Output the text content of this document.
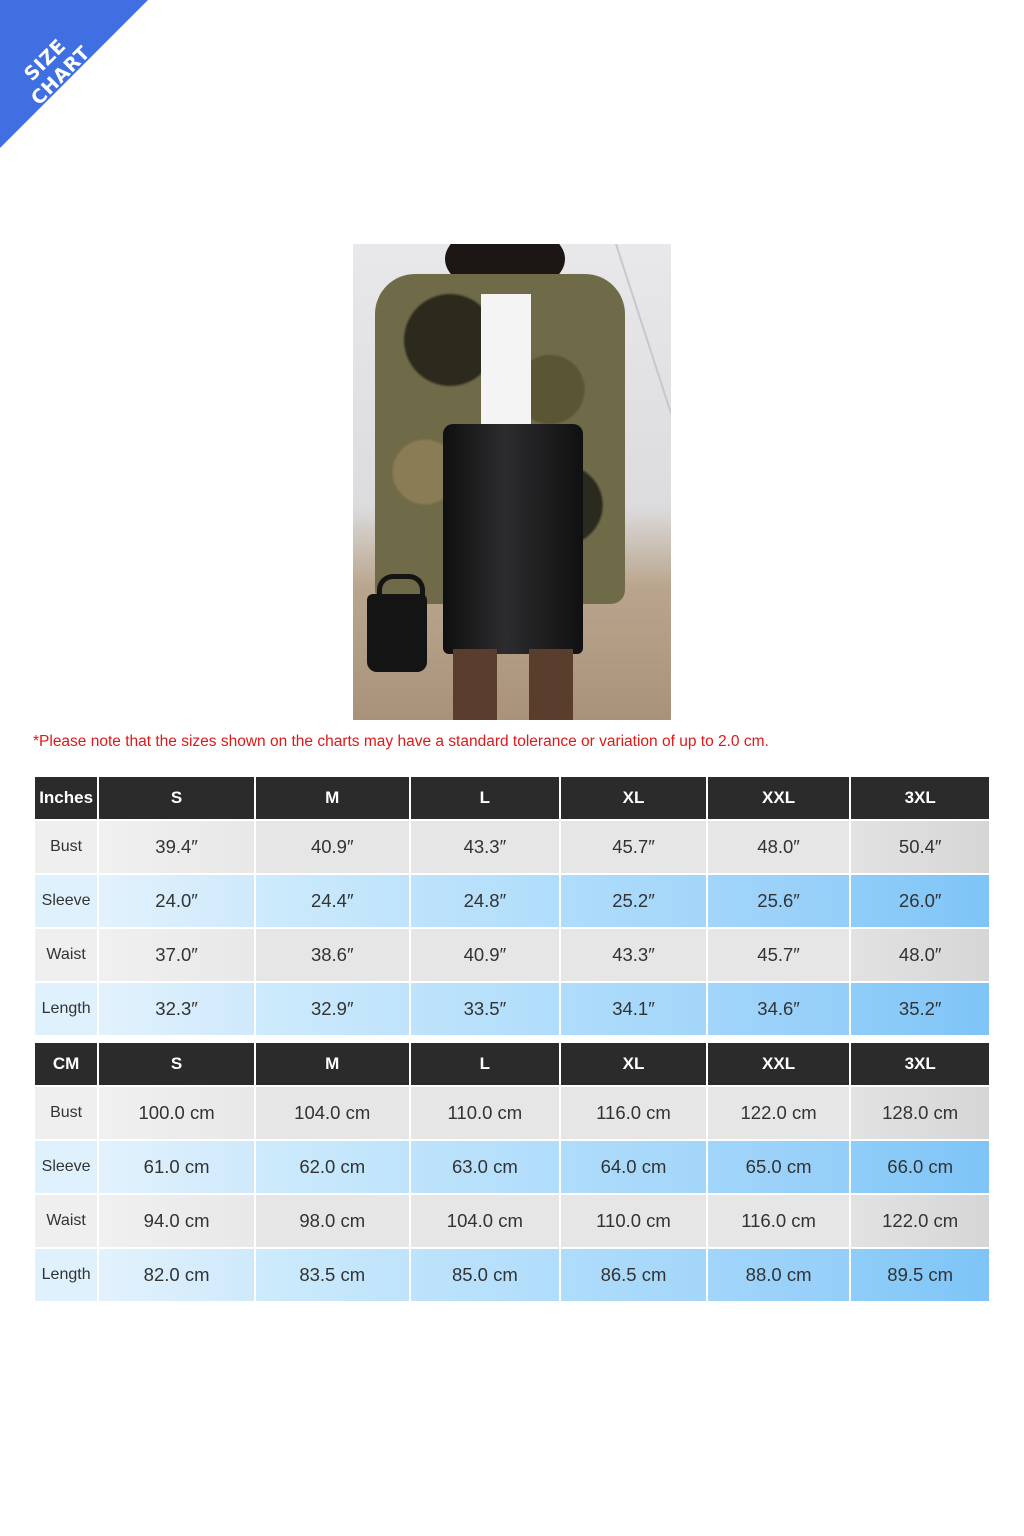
SIZE CHART
*Please note that the sizes shown on the charts may have a standard tolerance or variation of up to 2.0 cm.
Inches	S	M	L	XL	XXL	3XL
Bust	39.4″	40.9″	43.3″	45.7″	48.0″	50.4″
Sleeve	24.0″	24.4″	24.8″	25.2″	25.6″	26.0″
Waist	37.0″	38.6″	40.9″	43.3″	45.7″	48.0″
Length	32.3″	32.9″	33.5″	34.1″	34.6″	35.2″
CM	S	M	L	XL	XXL	3XL
Bust	100.0 cm	104.0 cm	110.0 cm	116.0 cm	122.0 cm	128.0 cm
Sleeve	61.0 cm	62.0 cm	63.0 cm	64.0 cm	65.0 cm	66.0 cm
Waist	94.0 cm	98.0 cm	104.0 cm	110.0 cm	116.0 cm	122.0 cm
Length	82.0 cm	83.5 cm	85.0 cm	86.5 cm	88.0 cm	89.5 cm
